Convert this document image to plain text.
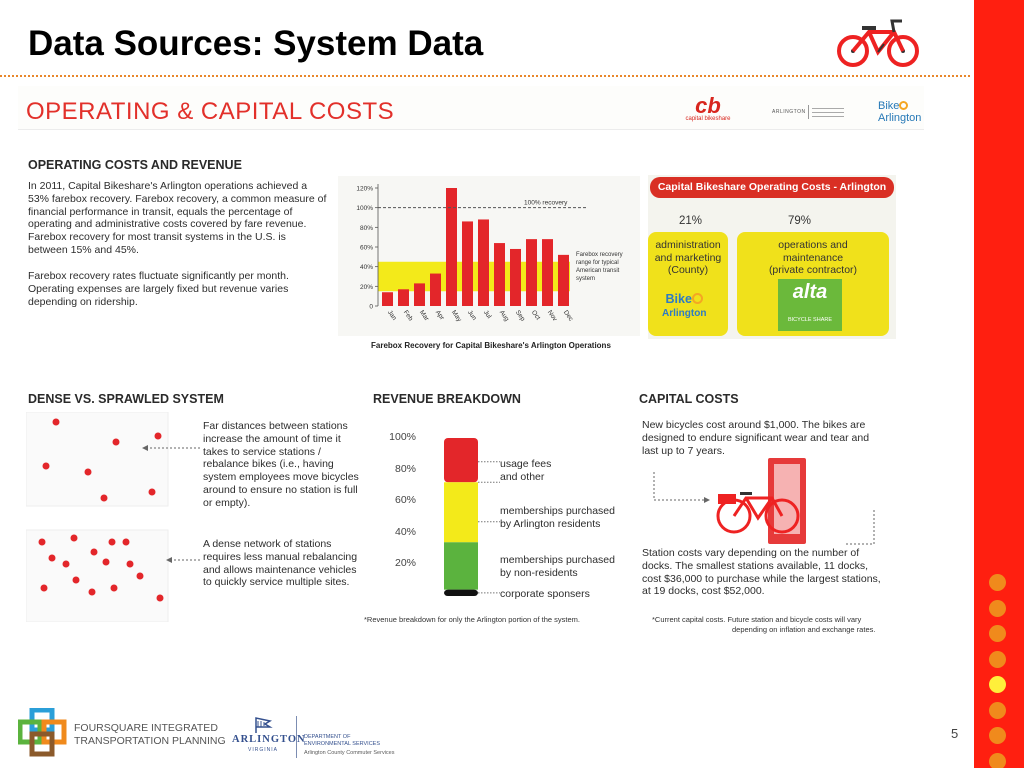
Data Sources: System Data
OPERATING & CAPITAL COSTS	cb
capital bikeshare
ARLINGTON	Bike
Arlington
OPERATING COSTS AND REVENUE
In 2011, Capital Bikeshare's Arlington operations achieved a 53% farebox recovery. Farebox recovery, a common measure of financial performance in transit, equals the percentage of operating and administrative costs covered by fare revenue. Farebox recovery for most transit systems in the U.S. is between 15% and 45%.
Farebox recovery rates fluctuate significantly per month. Operating expenses are largely fixed but revenue varies depending on ridership.	0
20%
40%
60%
80%
100%
120%
Jan Feb Mar Apr May Jun Jul Aug Sep Oct Nov Dec
100% recovery
Farebox recovery
range for typical
American transit
system
Farebox Recovery for Capital Bikeshare's Arlington Operations
Capital Bikeshare Operating Costs - Arlington
21%	79%
administration
and marketing
(County)
Bike
Arlington
operations and
maintenance
(private contractor)
alta
BICYCLE SHARE
DENSE VS. SPRAWLED SYSTEM
Far distances between stations increase the amount of time it takes to service stations / rebalance bikes (i.e., having system employees move bicycles around to ensure no station is full or empty).
A dense network of stations requires less manual rebalancing and allows maintenance vehicles to quickly service multiple sites.
REVENUE BREAKDOWN
usage fees
and other
memberships purchased
by Arlington residents
memberships purchased
by non-residents
corporate sponsers
*Revenue breakdown for only the Arlington portion of the system.
CAPITAL COSTS
New bicycles cost around $1,000. The bikes are designed to endure significant wear and tear and last up to 7 years.
Station costs vary depending on the number of docks. The smallest stations available, 11 docks, cost $36,000 to purchase while the largest stations, at 19 docks, cost $52,000.
*Current capital costs. Future station and bicycle costs will vary
depending on inflation and exchange rates.
FOURSQUARE INTEGRATED
TRANSPORTATION PLANNING ARLINGTON
VIRGINIA
DEPARTMENT OF
ENVIRONMENTAL SERVICES
Arlington County Commuter Services
5
100%
80%
60%
40%
20%
